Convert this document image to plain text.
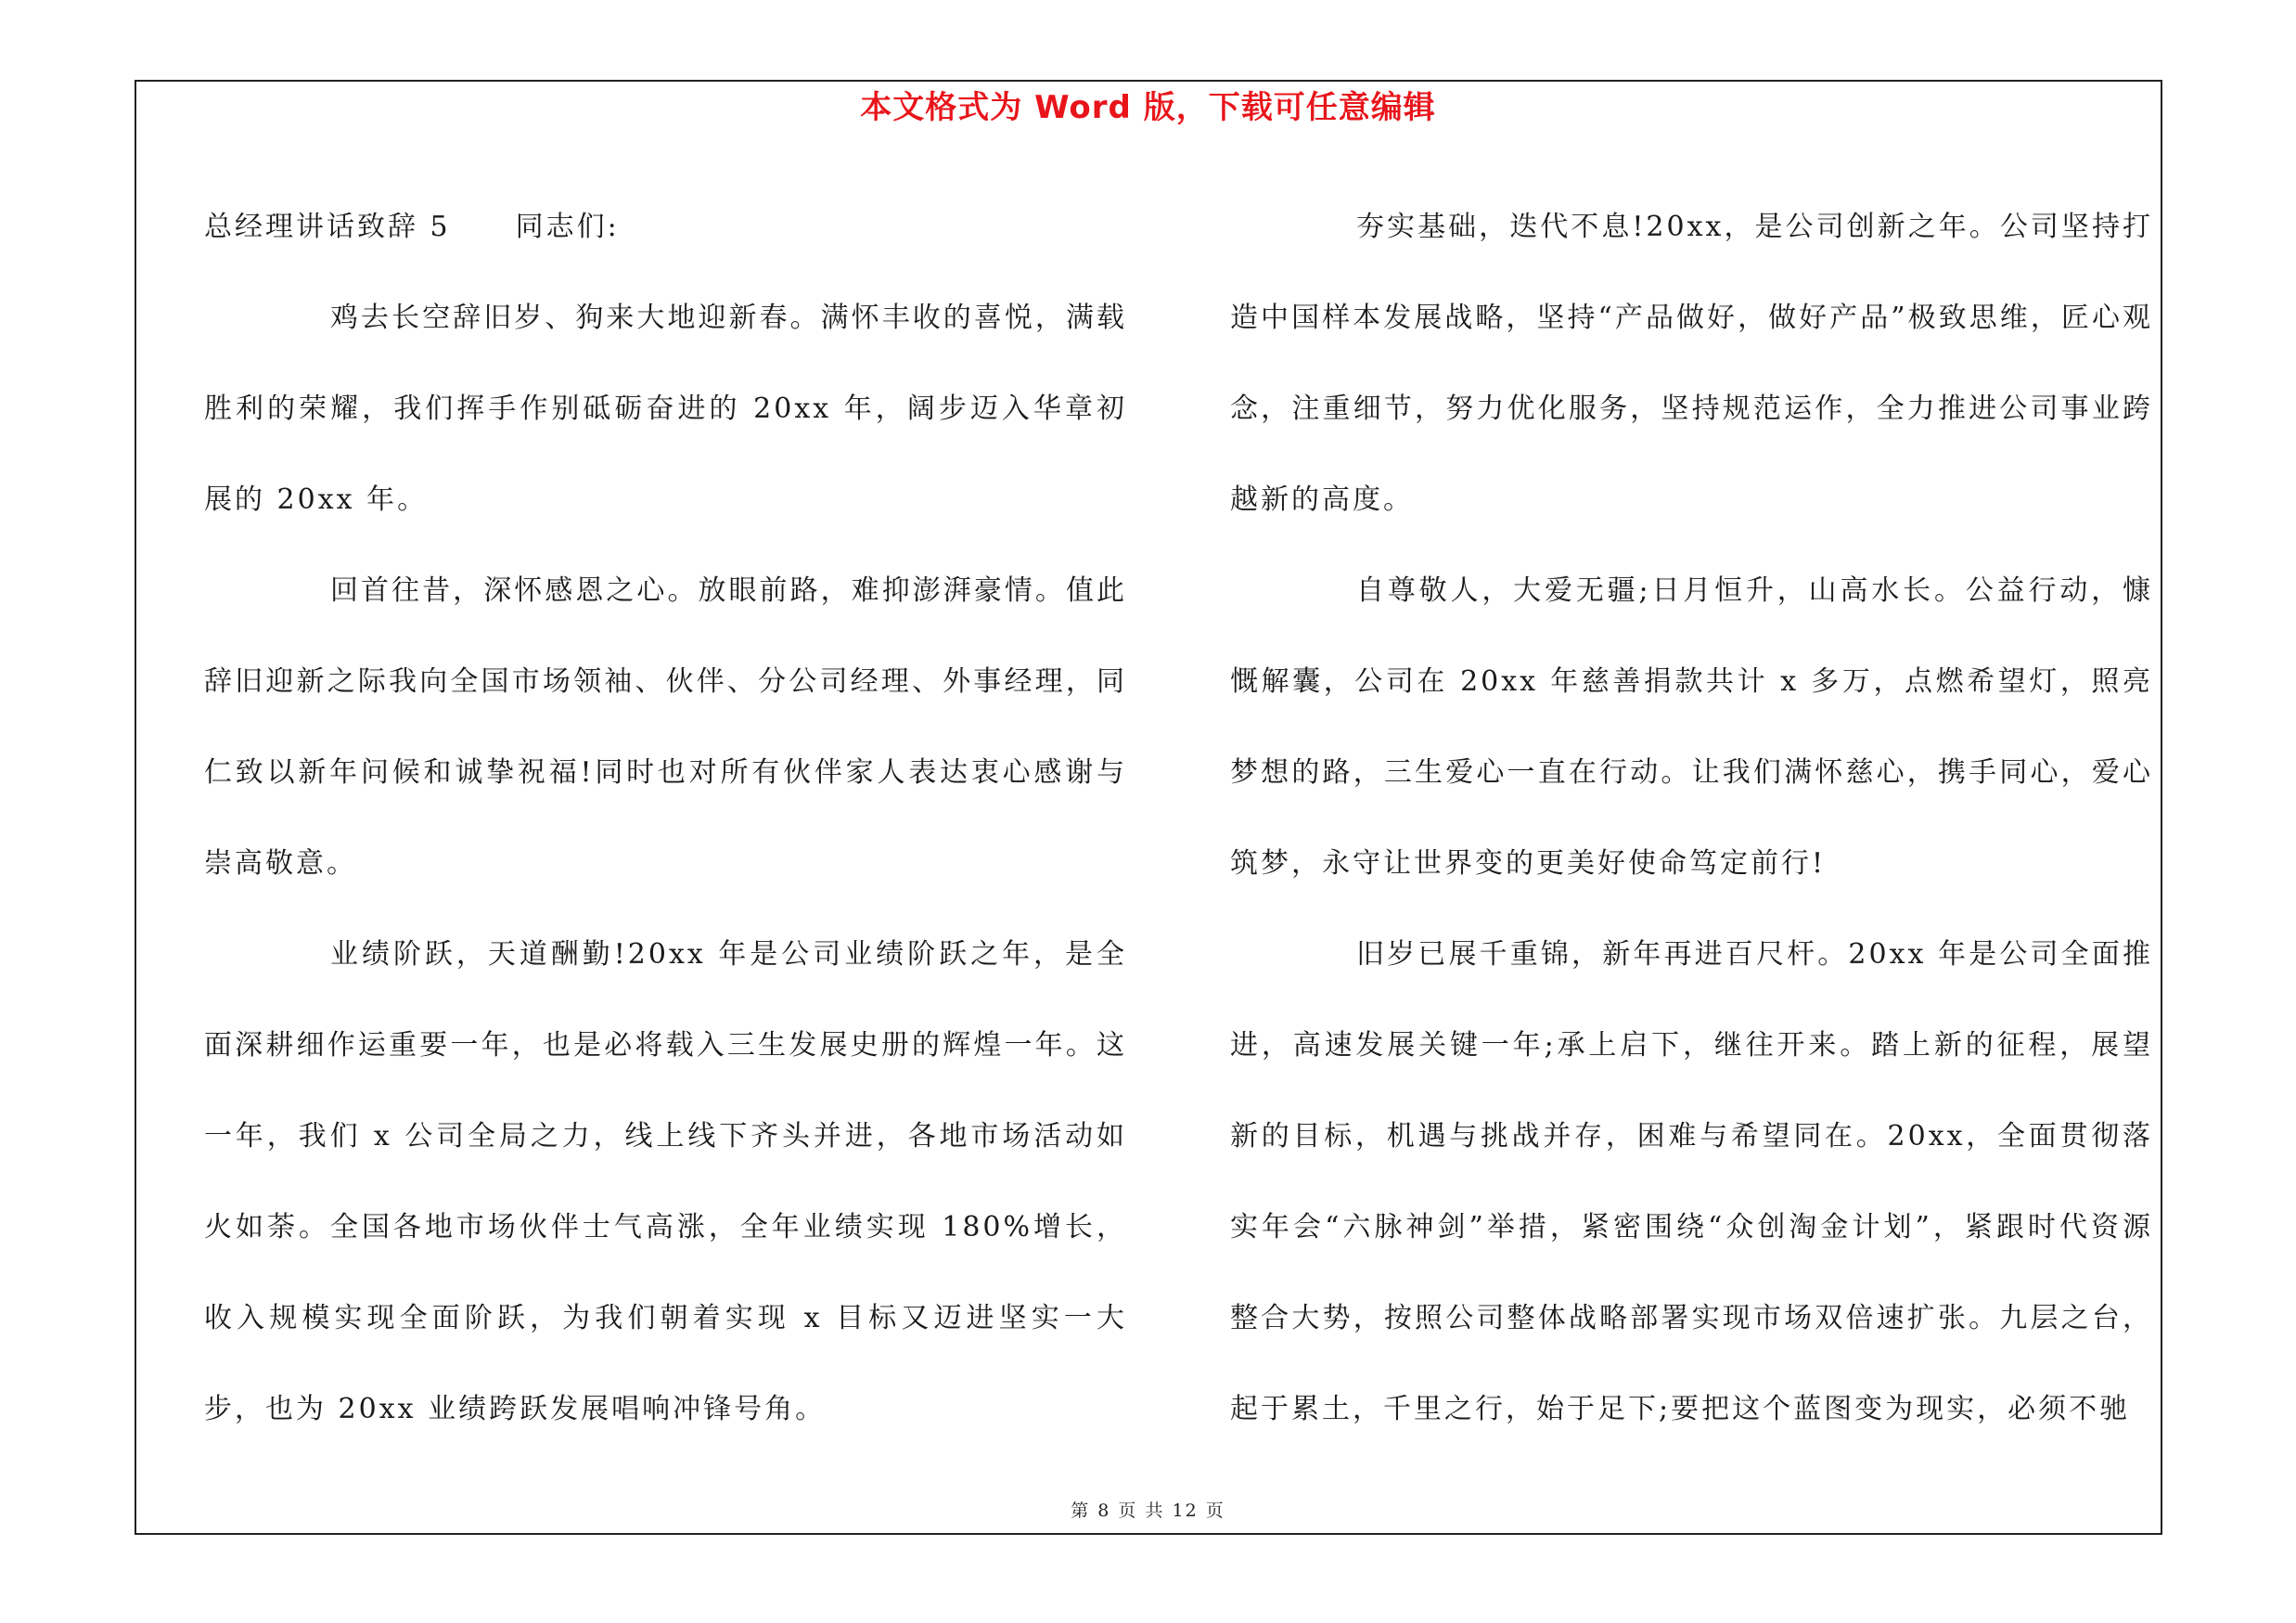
本文格式为 Word 版，下载可任意编辑

总经理讲话致辞 5 同志们:

鸡去长空辞旧岁、狗来大地迎新春。满怀丰收的喜悦，满载胜利的荣耀，我们挥手作别砥砺奋进的 20xx 年，阔步迈入华章初展的 20xx 年。

回首往昔，深怀感恩之心。放眼前路，难抑澎湃豪情。值此辞旧迎新之际我向全国市场领袖、伙伴、分公司经理、外事经理，同仁致以新年问候和诚挚祝福!同时也对所有伙伴家人表达衷心感谢与崇高敬意。

业绩阶跃，天道酬勤!20xx 年是公司业绩阶跃之年，是全面深耕细作运重要一年，也是必将载入三生发展史册的辉煌一年。这一年，我们 x 公司全局之力，线上线下齐头并进，各地市场活动如火如荼。全国各地市场伙伴士气高涨，全年业绩实现 180%增长，收入规模实现全面阶跃，为我们朝着实现 x 目标又迈进坚实一大步，也为 20xx 业绩跨跃发展唱响冲锋号角。

夯实基础，迭代不息!20xx，是公司创新之年。公司坚持打造中国样本发展战略，坚持“产品做好，做好产品”极致思维，匠心观念，注重细节，努力优化服务，坚持规范运作，全力推进公司事业跨越新的高度。

自尊敬人，大爱无疆;日月恒升，山高水长。公益行动，慷慨解囊，公司在 20xx 年慈善捐款共计 x 多万，点燃希望灯，照亮梦想的路，三生爱心一直在行动。让我们满怀慈心，携手同心，爱心筑梦，永守让世界变的更美好使命笃定前行!

旧岁已展千重锦，新年再进百尺杆。20xx 年是公司全面推进，高速发展关键一年;承上启下，继往开来。踏上新的征程，展望新的目标，机遇与挑战并存，困难与希望同在。20xx，全面贯彻落实年会“六脉神剑”举措，紧密围绕“众创淘金计划”，紧跟时代资源整合大势，按照公司整体战略部署实现市场双倍速扩张。九层之台，起于累土，千里之行，始于足下;要把这个蓝图变为现实，必须不驰

第 8 页 共 12 页
